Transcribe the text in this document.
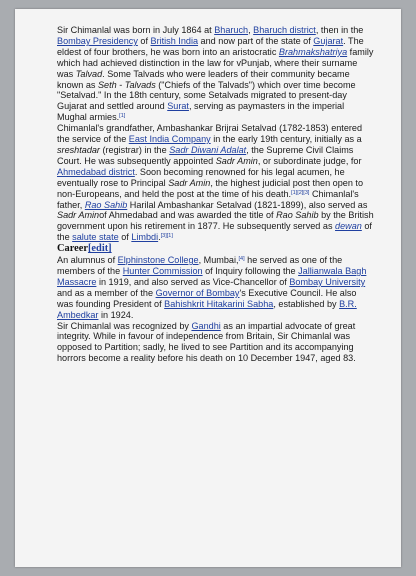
Sir Chimanlal was born in July 1864 at Bharuch, Bharuch district, then in the Bombay Presidency of British India and now part of the state of Gujarat. The eldest of four brothers, he was born into an aristocratic Brahmakshatriya family which had achieved distinction in the law for vPunjab, where their surname was Talvad. Some Talvads who were leaders of their community became known as Seth - Talvads ("Chiefs of the Talvads") which over time become "Setalvad." In the 18th century, some Setalvads migrated to present-day Gujarat and settled around Surat, serving as paymasters in the imperial Mughal armies.[1]

Chimanlal's grandfather, Ambashankar Brijrai Setalvad (1782-1853) entered the service of the East India Company in the early 19th century, initially as a sreshtadar (registrar) in the Sadr Diwani Adalat, the Supreme Civil Claims Court. He was subsequently appointed Sadr Amin, or subordinate judge, for Ahmedabad district. Soon becoming renowned for his legal acumen, he eventually rose to Principal Sadr Amin, the highest judicial post then open to non-Europeans, and held the post at the time of his death.[1][2][3] Chimanlal's father, Rao Sahib Harilal Ambashankar Setalvad (1821-1899), also served as Sadr Aminof Ahmedabad and was awarded the title of Rao Sahib by the British government upon his retirement in 1877. He subsequently served as dewan of the salute state of Limbdi.[3][1]

Career[edit]

An alumnus of Elphinstone College, Mumbai,[4] he served as one of the members of the Hunter Commission of Inquiry following the Jallianwala Bagh Massacre in 1919, and also served as Vice-Chancellor of Bombay University and as a member of the Governor of Bombay's Executive Council. He also was founding President of Bahishkrit Hitakarini Sabha, established by B.R. Ambedkar in 1924.

Sir Chimanlal was recognized by Gandhi as an impartial advocate of great integrity. While in favour of independence from Britain, Sir Chimanlal was opposed to Partition; sadly, he lived to see Partition and its accompanying horrors become a reality before his death on 10 December 1947, aged 83.
